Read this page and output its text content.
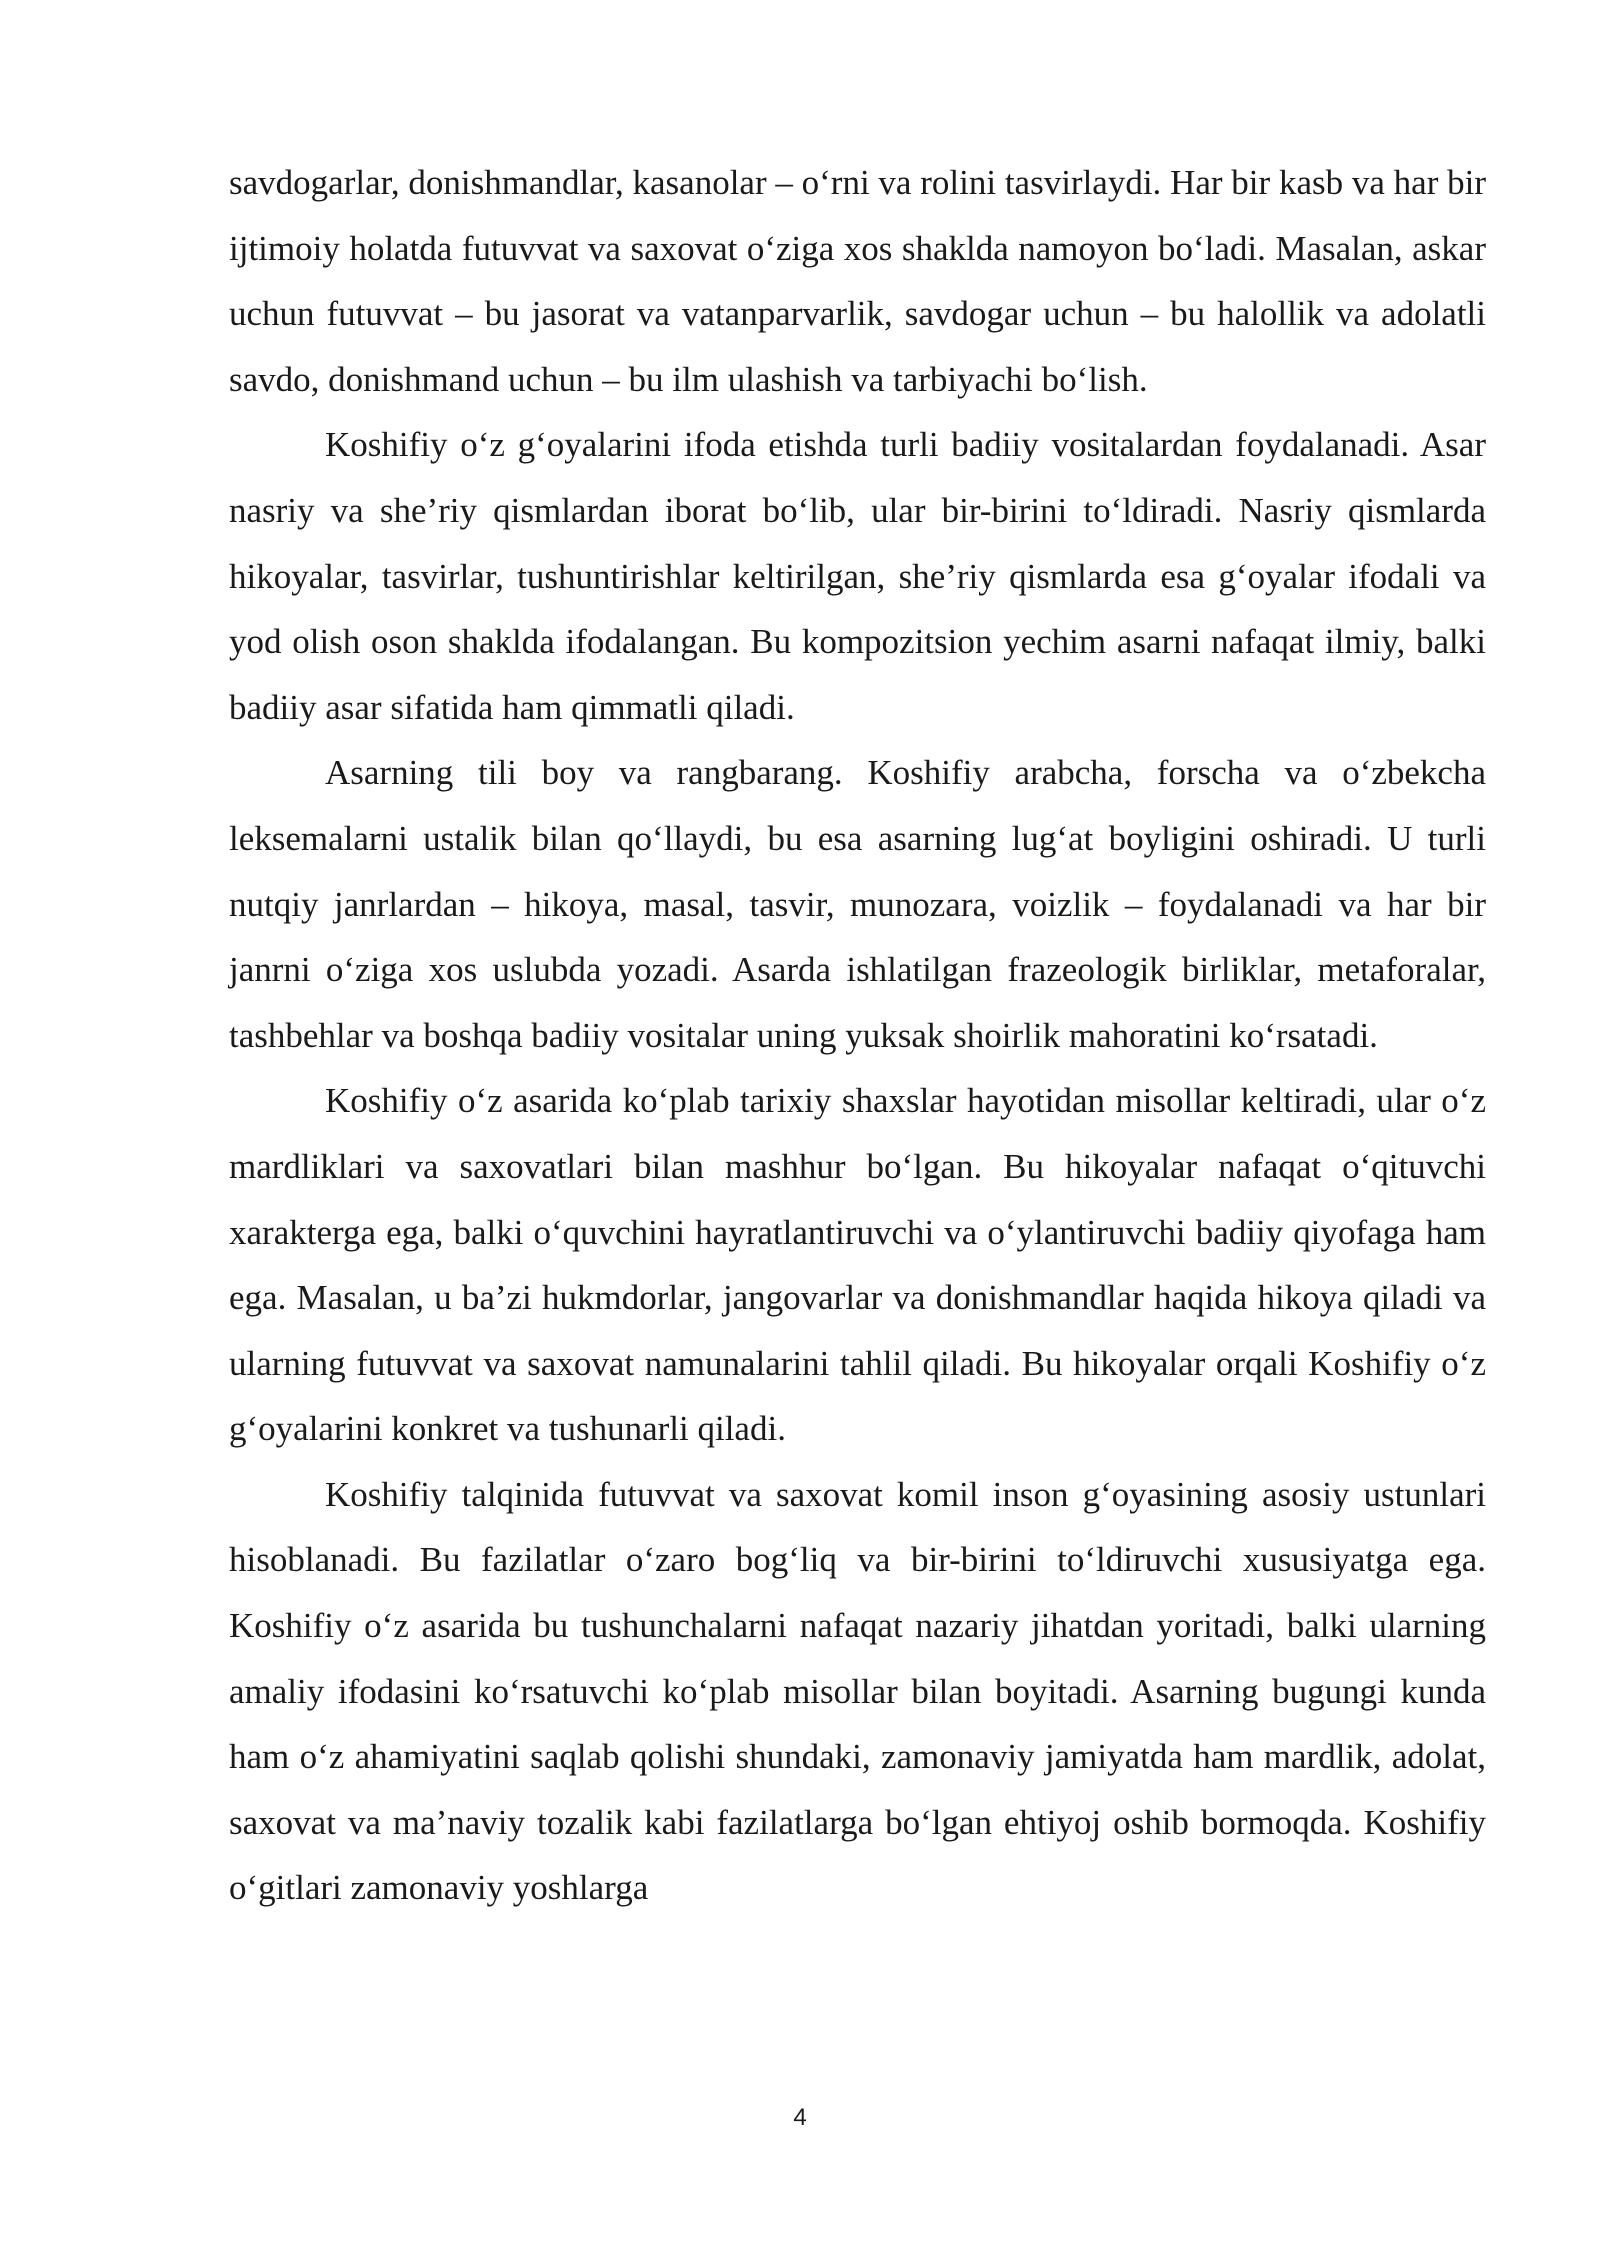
savdogarlar, donishmandlar, kasanolar – o‘rni va rolini tasvirlaydi. Har bir kasb va har bir ijtimoiy holatda futuvvat va saxovat o‘ziga xos shaklda namoyon bo‘ladi. Masalan, askar uchun futuvvat – bu jasorat va vatanparvarlik, savdogar uchun – bu halollik va adolatli savdo, donishmand uchun – bu ilm ulashish va tarbiyachi bo‘lish.

Koshifiy o‘z g‘oyalarini ifoda etishda turli badiiy vositalardan foydalanadi. Asar nasriy va she’riy qismlardan iborat bo‘lib, ular bir-birini to‘ldiradi. Nasriy qismlarda hikoyalar, tasvirlar, tushuntirishlar keltirilgan, she’riy qismlarda esa g‘oyalar ifodali va yod olish oson shaklda ifodalangan. Bu kompozitsion yechim asarni nafaqat ilmiy, balki badiiy asar sifatida ham qimmatli qiladi.

Asarning tili boy va rangbarang. Koshifiy arabcha, forscha va o‘zbekcha leksemalarni ustalik bilan qo‘llaydi, bu esa asarning lug‘at boyligini oshiradi. U turli nutqiy janrlardan – hikoya, masal, tasvir, munozara, voizlik – foydalanadi va har bir janrni o‘ziga xos uslubda yozadi. Asarda ishlatilgan frazeologik birliklar, metaforalar, tashbehlar va boshqa badiiy vositalar uning yuksak shoirlik mahoratini ko‘rsatadi.

Koshifiy o‘z asarida ko‘plab tarixiy shaxslar hayotidan misollar keltiradi, ular o‘z mardliklari va saxovatlari bilan mashhur bo‘lgan. Bu hikoyalar nafaqat o‘qituvchi xarakterga ega, balki o‘quvchini hayratlantiruvchi va o‘ylantiruvchi badiiy qiyofaga ham ega. Masalan, u ba’zi hukmdorlar, jangovarlar va donishmandlar haqida hikoya qiladi va ularning futuvvat va saxovat namunalarini tahlil qiladi. Bu hikoyalar orqali Koshifiy o‘z g‘oyalarini konkret va tushunarli qiladi.

Koshifiy talqinida futuvvat va saxovat komil inson g‘oyasining asosiy ustunlari hisoblanadi. Bu fazilatlar o‘zaro bog‘liq va bir-birini to‘ldiruvchi xususiyatga ega. Koshifiy o‘z asarida bu tushunchalarni nafaqat nazariy jihatdan yoritadi, balki ularning amaliy ifodasini ko‘rsatuvchi ko‘plab misollar bilan boyitadi. Asarning bugungi kunda ham o‘z ahamiyatini saqlab qolishi shundaki, zamonaviy jamiyatda ham mardlik, adolat, saxovat va ma’naviy tozalik kabi fazilatlarga bo‘lgan ehtiyoj oshib bormoqda. Koshifiy o‘gitlari zamonaviy yoshlarga

4
